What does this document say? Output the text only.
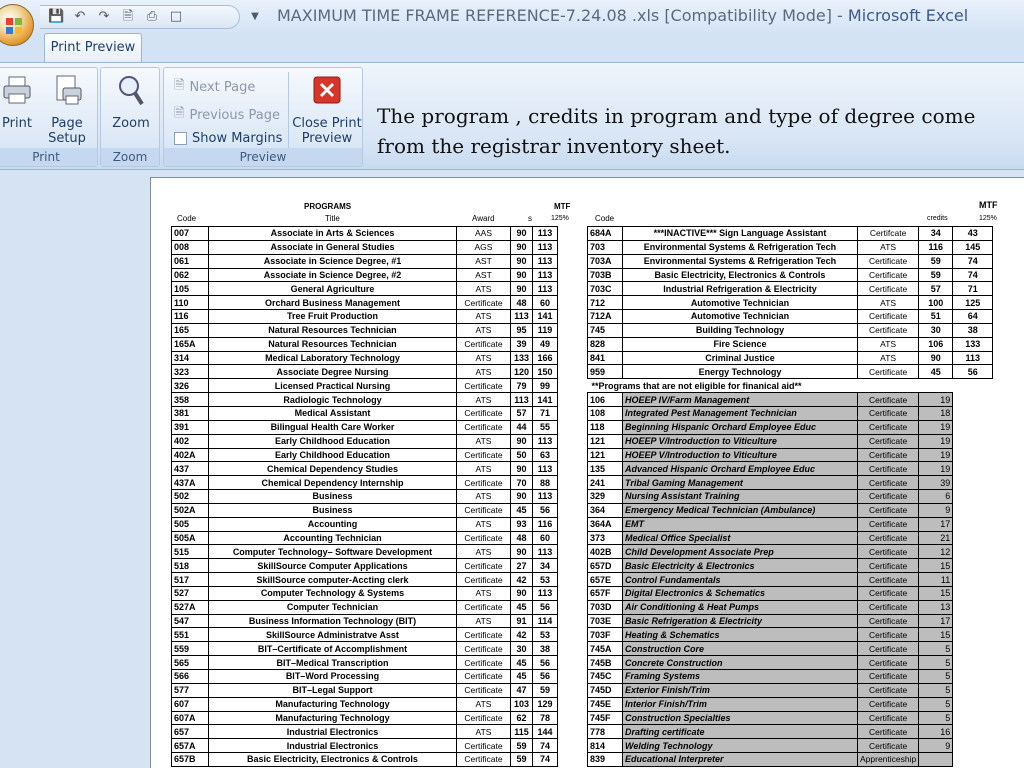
💾 ↶ ↷ 🗎 ⎙ □	▼ MAXIMUM TIME FRAME REFERENCE-7.24.08 .xls [Compatibility Mode] - Microsoft Excel
Print Preview
Print	Page
Setup
Print
Zoom
Zoom
🗎 Next Page
🗎 Previous Page
Show Margins
Close Print
Preview
Preview
The program , credits in program and type of degree come from the registrar inventory sheet.
PROGRAMS
Title
Code	Award	s
MTF
125%	Code	credits	125%
MTF
007	Associate in Arts & Sciences	AAS	90	113
008	Associate in General Studies	AGS	90	113
061	Associate in Science Degree, #1	AST	90	113
062	Associate in Science Degree, #2	AST	90	113
105	General Agriculture	ATS	90	113
110	Orchard Business Management	Certificate	48	60
116	Tree Fruit Production	ATS	113	141
165	Natural Resources Technician	ATS	95	119
165A	Natural Resources Technician	Certificate	39	49
314	Medical Laboratory Technology	ATS	133	166
323	Associate Degree Nursing	ATS	120	150
326	Licensed Practical Nursing	Certificate	79	99
358	Radiologic Technology	ATS	113	141
381	Medical Assistant	Certificate	57	71
391	Bilingual Health Care Worker	Certificate	44	55
402	Early Childhood Education	ATS	90	113
402A	Early Childhood Education	Certificate	50	63
437	Chemical Dependency Studies	ATS	90	113
437A	Chemical Dependency Internship	Certificate	70	88
502	Business	ATS	90	113
502A	Business	Certificate	45	56
505	Accounting	ATS	93	116
505A	Accounting Technician	Certificate	48	60
515	Computer Technology– Software Development	ATS	90	113
518	SkillSource Computer Applications	Certificate	27	34
517	SkillSource computer-Accting clerk	Certificate	42	53
527	Computer Technology & Systems	ATS	90	113
527A	Computer Technician	Certificate	45	56
547	Business Information Technology (BIT)	ATS	91	114
551	SkillSource Administratve Asst	Certificate	42	53
559	BIT–Certificate of Accomplishment	Certificate	30	38
565	BIT–Medical Transcription	Certificate	45	56
566	BIT–Word Processing	Certificate	45	56
577	BIT–Legal Support	Certificate	47	59
607	Manufacturing Technology	ATS	103	129
607A	Manufacturing Technology	Certificate	62	78
657	Industrial Electronics	ATS	115	144
657A	Industrial Electronics	Certificate	59	74
657B	Basic Electricity, Electronics & Controls	Certificate	59	74
684A	***INACTIVE*** Sign Language Assistant	Certifcate	34	43
703	Environmental Systems & Refrigeration Tech	ATS	116	145
703A	Environmental Systems & Refrigeration Tech	Certificate	59	74
703B	Basic Electricity, Electronics & Controls	Certificate	59	74
703C	Industrial Refrigeration & Electricity	Certificate	57	71
712	Automotive Technician	ATS	100	125
712A	Automotive Technician	Certificate	51	64
745	Building Technology	Certificate	30	38
828	Fire Science	ATS	106	133
841	Criminal Justice	ATS	90	113
959	Energy Technology	Certificate	45	56
**Programs that are not eligible for finanical aid**				
106	HOEEP IV/Farm Management	Certificate	19	
108	Integrated Pest Management Technician	Certificate	18	
118	Beginning Hispanic Orchard Employee Educ	Certificate	19	
121	HOEEP V/Introduction to Viticulture	Certificate	19	
121	HOEEP V/Introduction to Viticulture	Certificate	19	
135	Advanced Hispanic Orchard Employee Educ	Certificate	19	
241	Tribal Gaming Management	Certificate	39	
329	Nursing Assistant Training	Certificate	6	
364	Emergency Medical Technician (Ambulance)	Certificate	9	
364A	EMT	Certificate	17	
373	Medical Office Specialist	Certificate	21	
402B	Child Development Associate Prep	Certificate	12	
657D	Basic Electricity & Electronics	Certificate	15	
657E	Control Fundamentals	Certificate	11	
657F	Digital Electronics & Schematics	Certificate	15	
703D	Air Conditioning & Heat Pumps	Certificate	13	
703E	Basic Refrigeration & Electricity	Certificate	17	
703F	Heating & Schematics	Certificate	15	
745A	Construction Core	Certificate	5	
745B	Concrete Construction	Certificate	5	
745C	Framing Systems	Certificate	5	
745D	Exterior Finish/Trim	Certificate	5	
745E	Interior Finish/Trim	Certificate	5	
745F	Construction Specialties	Certificate	5	
778	Drafting certificate	Certificate	16	
814	Welding Technology	Certificate	9	
839	Educational Interpreter	Apprenticeship		
